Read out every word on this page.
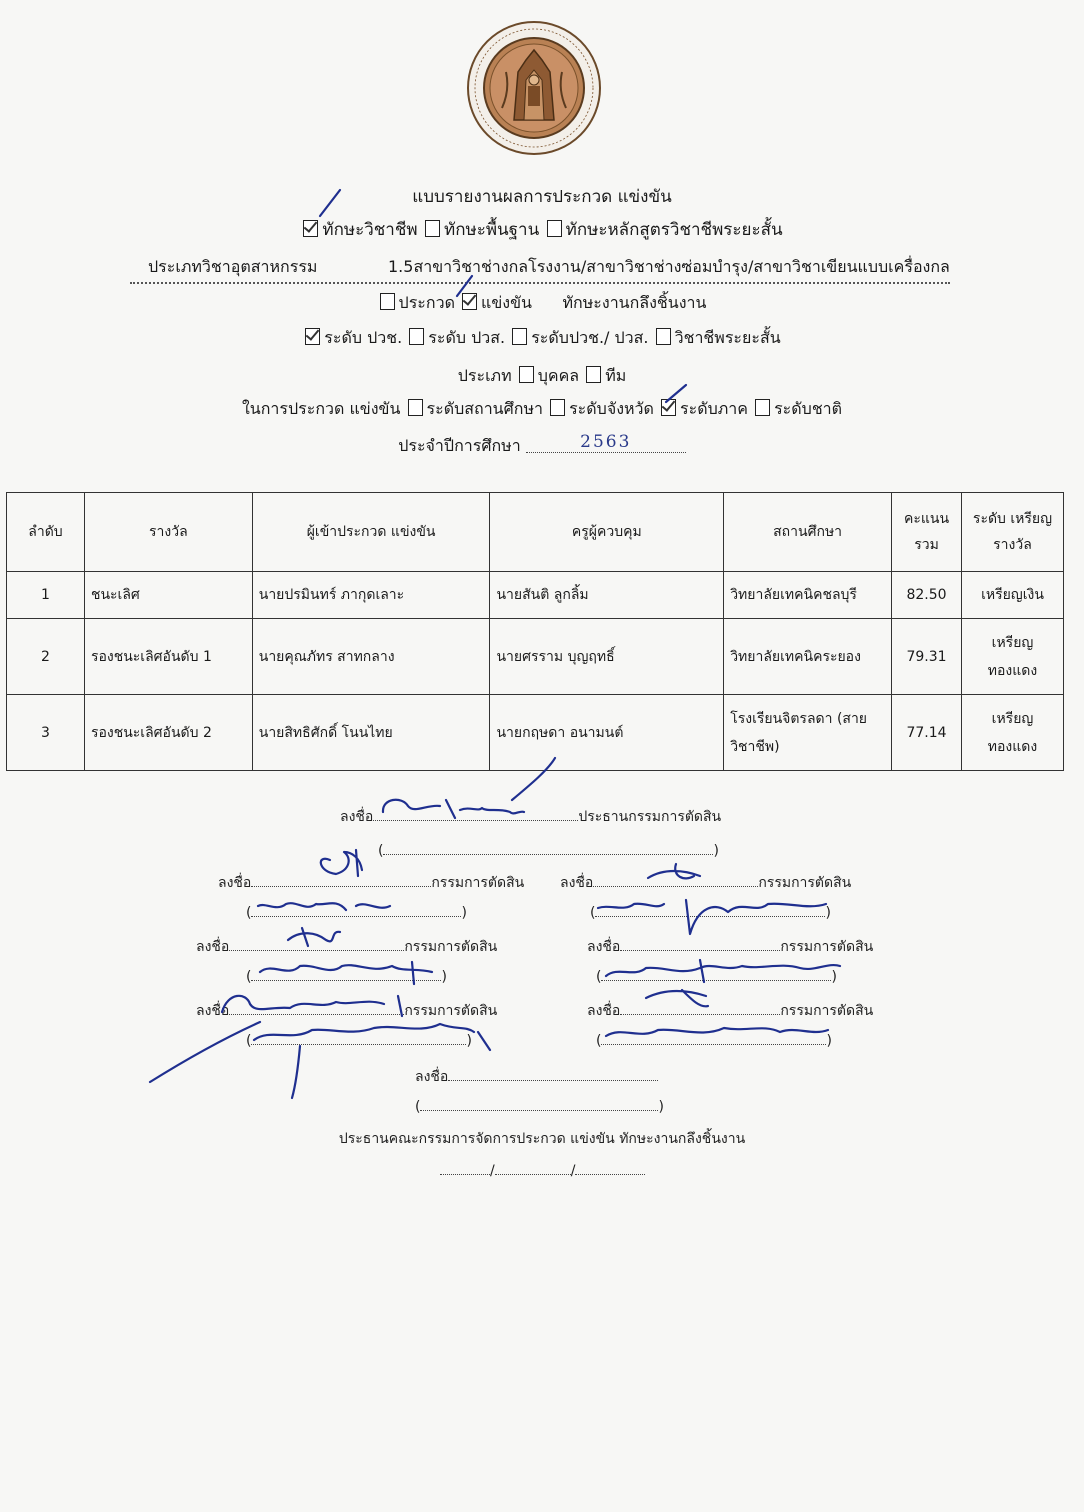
แบบรายงานผลการประกวด แข่งขัน
ทักษะวิชาชีพ ทักษะพื้นฐาน ทักษะหลักสูตรวิชาชีพระยะสั้น
ประเภทวิชาอุตสาหกรรม	1.5สาขาวิชาช่างกลโรงงาน/สาขาวิชาช่างซ่อมบำรุง/สาขาวิชาเขียนแบบเครื่องกล
ประกวด แข่งขัน ทักษะงานกลึงชิ้นงาน
ระดับ ปวช. ระดับ ปวส. ระดับปวช./ ปวส. วิชาชีพระยะสั้น
ประเภท บุคคล ทีม
ในการประกวด แข่งขัน ระดับสถานศึกษา ระดับจังหวัด ระดับภาค ระดับชาติ
ประจำปีการศึกษา	2563
ลำดับ	รางวัล	ผู้เข้าประกวด แข่งขัน	ครูผู้ควบคุม	สถานศึกษา	คะแนน รวม	ระดับ เหรียญรางวัล
1	ชนะเลิศ	นายปรมินทร์ ภากุดเลาะ	นายสันติ ลูกลิ้ม	วิทยาลัยเทคนิคชลบุรี	82.50	เหรียญเงิน
2	รองชนะเลิศอันดับ 1	นายคุณภัทร สาทกลาง	นายศรราม บุญฤทธิ์	วิทยาลัยเทคนิคระยอง	79.31	เหรียญ ทองแดง
3	รองชนะเลิศอันดับ 2	นายสิทธิศักดิ์ โนนไทย	นายกฤษดา อนามนต์	โรงเรียนจิตรลดา (สายวิชาชีพ)	77.14	เหรียญ ทองแดง
ลงชื่อ	ประธานกรรมการตัดสิน
(	)
ลงชื่อ	กรรมการตัดสิน	ลงชื่อ	กรรมการตัดสิน
(	)	(	)
ลงชื่อ	กรรมการตัดสิน	ลงชื่อ	กรรมการตัดสิน
(	)	(	)
ลงชื่อ	กรรมการตัดสิน	ลงชื่อ	กรรมการตัดสิน
(	)	(	)
ลงชื่อ
(	)
ประธานคณะกรรมการจัดการประกวด แข่งขัน ทักษะงานกลึงชิ้นงาน
/	/
